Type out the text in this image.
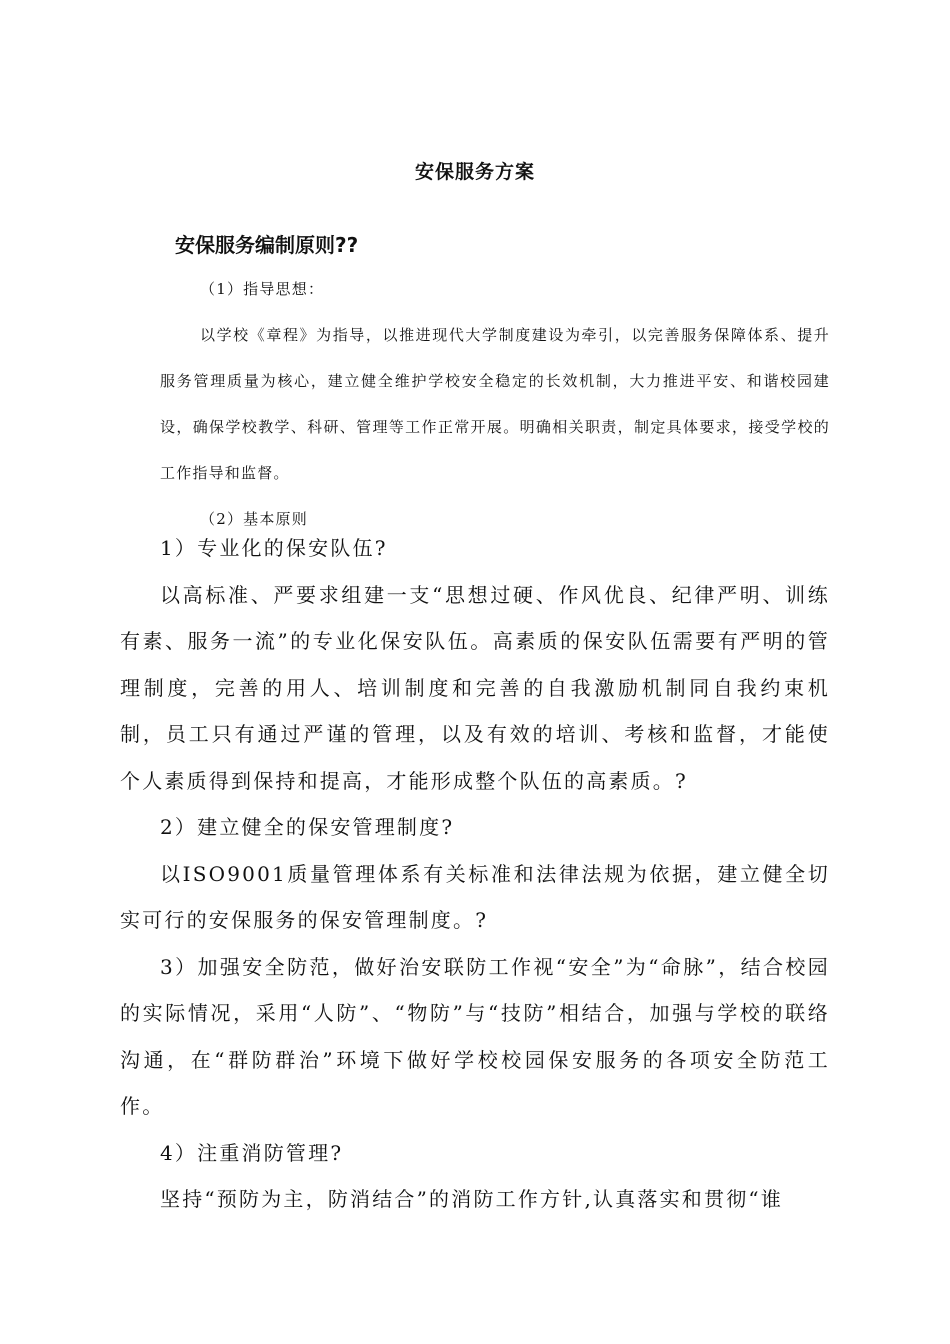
安保服务方案
安保服务编制原则??

（1）指导思想：

以学校《章程》为指导，以推进现代大学制度建设为牵引，以完善服务保障体系、提升服务管理质量为核心，建立健全维护学校安全稳定的长效机制，大力推进平安、和谐校园建设，确保学校教学、科研、管理等工作正常开展。明确相关职责，制定具体要求，接受学校的工作指导和监督。

（2）基本原则

1）专业化的保安队伍?

以高标准、严要求组建一支“思想过硬、作风优良、纪律严明、训练有素、服务一流”的专业化保安队伍。高素质的保安队伍需要有严明的管理制度，完善的用人、培训制度和完善的自我激励机制同自我约束机制，员工只有通过严谨的管理，以及有效的培训、考核和监督，才能使个人素质得到保持和提高，才能形成整个队伍的高素质。?

2）建立健全的保安管理制度?

以ISO9001质量管理体系有关标准和法律法规为依据，建立健全切实可行的安保服务的保安管理制度。?

3）加强安全防范，做好治安联防工作视“安全”为“命脉”，结合校园的实际情况，采用“人防”、“物防”与“技防”相结合，加强与学校的联络沟通，在“群防群治”环境下做好学校校园保安服务的各项安全防范工作。

4）注重消防管理?

坚持“预防为主，防消结合”的消防工作方针,认真落实和贯彻“谁
